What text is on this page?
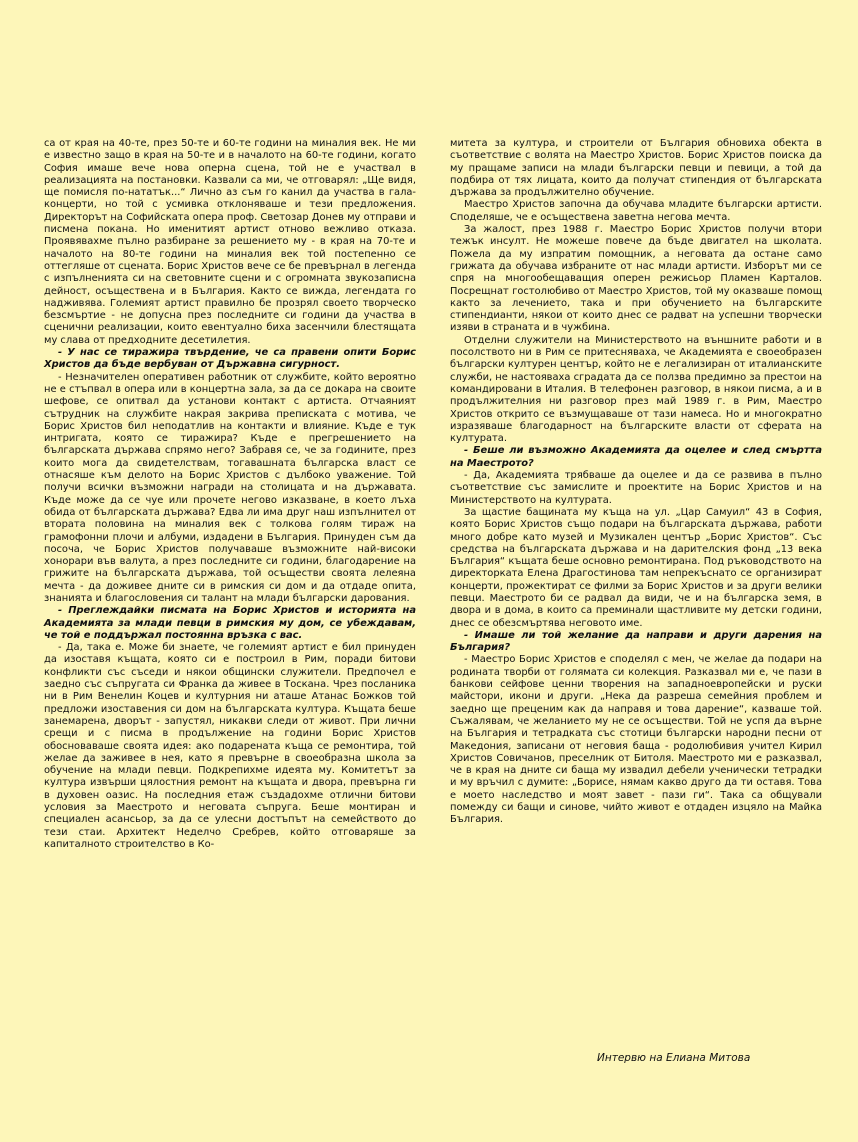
са от края на 40-те, през 50-те и 60-те години на миналия век. Не ми е известно защо в края на 50-те и в началото на 60-те години, когато София имаше вече нова оперна сцена, той не е участвал в реализацията на постановки. Казвали са ми, че отговарял: „Ще видя, ще помисля по-нататък...“ Лично аз съм го канил да участва в гала-концерти, но той с усмивка отклоняваше и тези предложения. Директорът на Софийската опера проф. Светозар Донев му отправи и писмена покана. Но именитият артист отново вежливо отказа. Проявявахме пълно разбиране за решението му - в края на 70-те и началото на 80-те години на миналия век той постепенно се оттегляше от сцената. Борис Христов вече се бе превърнал в легенда с изпълненията си на световните сцени и с огромната звукозаписна дейност, осъществена и в България. Както се вижда, легендата го надживява. Големият артист правилно бе прозрял своето творческо безсмъртие - не допусна през последните си години да участва в сценични реализации, които евентуално биха засенчили блестящата му слава от предходните десетилетия.

- У нас се тиражира твърдение, че са правени опити Борис Христов да бъде вербуван от Държавна сигурност.

- Незначителен оперативен работник от службите, който вероятно не е стъпвал в опера или в концертна зала, за да се докара на своите шефове, се опитвал да установи контакт с артиста. Отчаяният сътрудник на службите накрая закрива преписката с мотива, че Борис Христов бил неподатлив на контакти и влияние. Къде е тук интригата, която се тиражира? Къде е прегрешението на българската държава спрямо него? Забравя се, че за годините, през които мога да свидетелствам, тогавашната българска власт се отнасяше към делото на Борис Христов с дълбоко уважение. Той получи всички възможни награди на столицата и на държавата. Къде може да се чуе или прочете негово изказване, в което лъха обида от българската държава? Едва ли има друг наш изпълнител от втората половина на миналия век с толкова голям тираж на грамофонни плочи и албуми, издадени в България. Принуден съм да посоча, че Борис Христов получаваше възможните най-високи хонорари във валута, а през последните си години, благодарение на грижите на българската държава, той осъществи своята лелеяна мечта - да доживее дните си в римския си дом и да отдаде опита, знанията и благословения си талант на млади български дарования.

- Преглеждайки писмата на Борис Христов и историята на Академията за млади певци в римския му дом, се убеждавам, че той е поддържал постоянна връзка с вас.

- Да, така е. Може би знаете, че големият артист е бил принуден да изоставя къщата, която си е построил в Рим, поради битови конфликти със съседи и някои общински служители. Предпочел е заедно със съпругата си Франка да живее в Тоскана. Чрез посланика ни в Рим Венелин Коцев и културния ни аташе Атанас Божков той предложи изоставения си дом на българската култура. Къщата беше занемарена, дворът - запустял, никакви следи от живот. При лични срещи и с писма в продължение на години Борис Христов обосноваваше своята идея: ако подарената къща се ремонтира, той желае да заживее в нея, като я превърне в своеобразна школа за обучение на млади певци. Подкрепихме идеята му. Комитетът за култура извърши цялостния ремонт на къщата и двора, превърна ги в духовен оазис. На последния етаж създадохме отлични битови условия за Маестрото и неговата съпруга. Беше монтиран и специален асансьор, за да се улесни достъпът на семейството до тези стаи. Архитект Неделчо Сребрев, който отговаряше за капиталното строителство в Ко-

митета за култура, и строители от България обновиха обекта в съответствие с волята на Маестро Христов. Борис Христов поиска да му пращаме записи на млади български певци и певици, а той да подбира от тях лицата, които да получат стипендия от българската държава за продължително обучение.

Маестро Христов започна да обучава младите български артисти. Споделяше, че е осъществена заветна негова мечта.

За жалост, през 1988 г. Маестро Борис Христов получи втори тежък инсулт. Не можеше повече да бъде двигател на школата. Пожела да му изпратим помощник, а неговата да остане само грижата да обучава избраните от нас млади артисти. Изборът ми се спря на многообещаващия оперен режисьор Пламен Карталов. Посрещнат гостолюбиво от Маестро Христов, той му оказваше помощ както за лечението, така и при обучението на българските стипендианти, някои от които днес се радват на успешни творчески изяви в страната и в чужбина.

Отделни служители на Министерството на външните работи и в посолството ни в Рим се притесняваха, че Академията е своеобразен български културен център, който не е легализиран от италианските служби, не настояваха сградата да се ползва предимно за престои на командировани в Италия. В телефонен разговор, в някои писма, а и в продължителния ни разговор през май 1989 г. в Рим, Маестро Христов открито се възмущаваше от тази намеса. Но и многократно изразяваше благодарност на българските власти от сферата на културата.

- Беше ли възможно Академията да оцелее и след смъртта на Маестрото?

- Да, Академията трябваше да оцелее и да се развива в пълно съответствие със замислите и проектите на Борис Христов и на Министерството на културата.

За щастие бащината му къща на ул. „Цар Самуил“ 43 в София, която Борис Христов също подари на българската държава, работи много добре като музей и Музикален център „Борис Христов“. Със средства на българската държава и на дарителския фонд „13 века България“ къщата беше основно ремонтирана. Под ръководството на директорката Елена Драгостинова там непрекъснато се организират концерти, прожектират се филми за Борис Христов и за други велики певци. Маестрото би се радвал да види, че и на българска земя, в двора и в дома, в които са преминали щастливите му детски години, днес се обезсмъртява неговото име.

- Имаше ли той желание да направи и други дарения на България?

- Маестро Борис Христов е споделял с мен, че желае да подари на родината творби от голямата си колекция. Разказвал ми е, че пази в банкови сейфове ценни творения на западноевропейски и руски майстори, икони и други. „Нека да разреша семейния проблем и заедно ще преценим как да направя и това дарение“, казваше той. Съжалявам, че желанието му не се осъществи. Той не успя да върне на България и тетрадката със стотици български народни песни от Македония, записани от неговия баща - родолюбивия учител Кирил Христов Совичанов, преселник от Битоля. Маестрото ми е разказвал, че в края на дните си баща му извадил дебели ученически тетрадки и му връчил с думите: „Борисе, нямам какво друго да ти оставя. Това е моето наследство и моят завет - пази ги“. Така са общували помежду си бащи и синове, чийто живот е отдаден изцяло на Майка България.

Интервю на Елиана Митова
